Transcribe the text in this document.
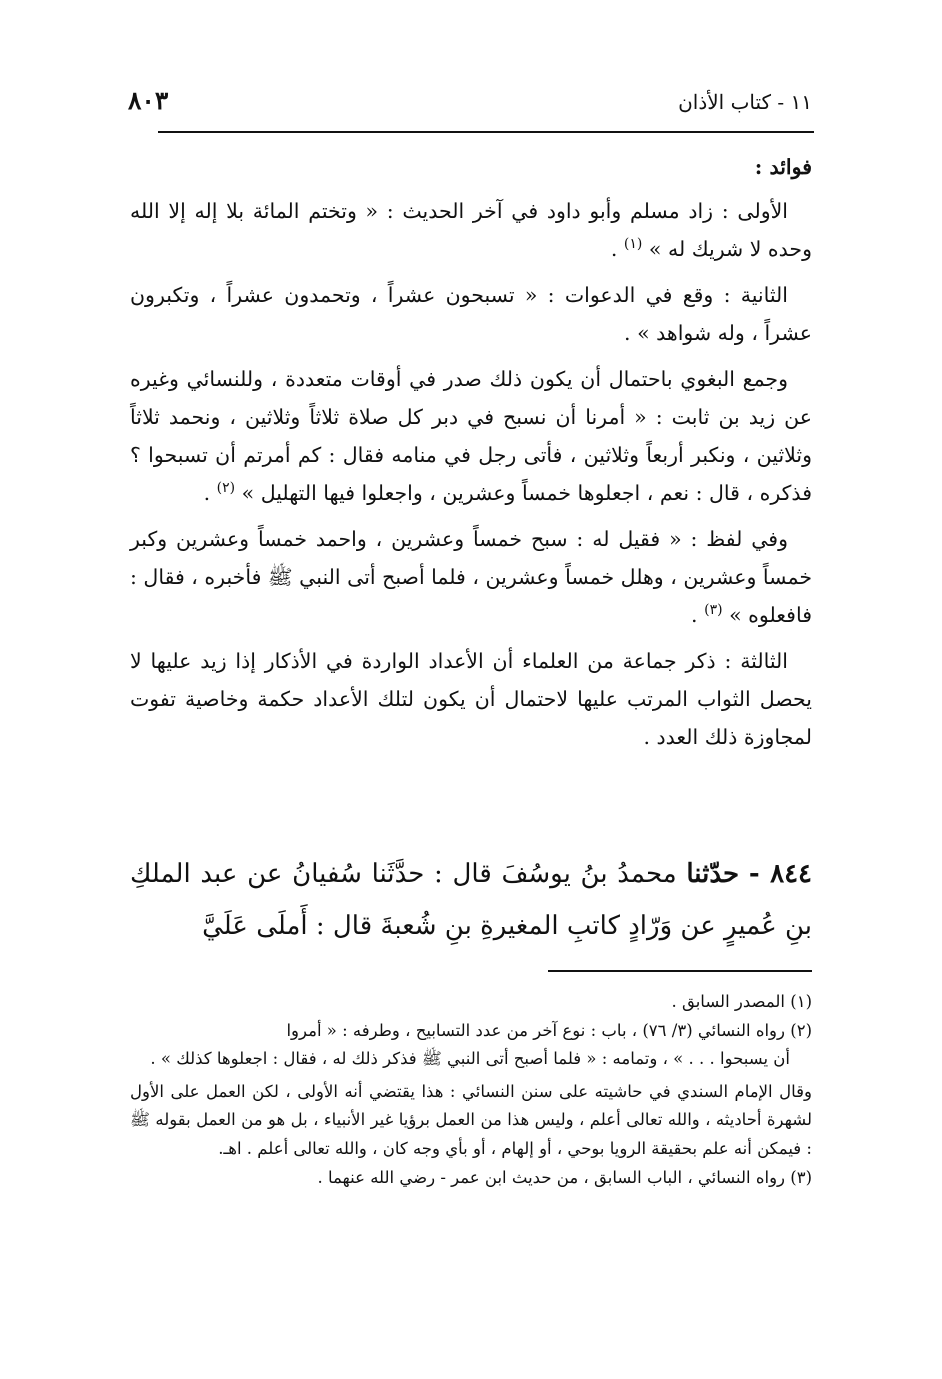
١١ - كتاب الأذان
٨٠٣

فوائد :

الأولى : زاد مسلم وأبو داود في آخر الحديث : « وتختم المائة بلا إله إلا الله وحده لا شريك له » $^{(١)}$ .

الثانية : وقع في الدعوات : « تسبحون عشراً ، وتحمدون عشراً ، وتكبرون عشراً ، وله شواهد » .

وجمع البغوي باحتمال أن يكون ذلك صدر في أوقات متعددة ، وللنسائي وغيره عن زيد بن ثابت : « أمرنا أن نسبح في دبر كل صلاة ثلاثاً وثلاثين ، ونحمد ثلاثاً وثلاثين ، ونكبر أربعاً وثلاثين ، فأتى رجل في منامه فقال : كم أمرتم أن تسبحوا ؟ فذكره ، قال : نعم ، اجعلوها خمساً وعشرين ، واجعلوا فيها التهليل » $^{(٢)}$ .

وفي لفظ : « فقيل له : سبح خمساً وعشرين ، واحمد خمساً وعشرين وكبر خمساً وعشرين ، وهلل خمساً وعشرين ، فلما أصبح أتى النبي ﷺ فأخبره ، فقال : فافعلوه » $^{(٣)}$ .

الثالثة : ذكر جماعة من العلماء أن الأعداد الواردة في الأذكار إذا زيد عليها لا يحصل الثواب المرتب عليها لاحتمال أن يكون لتلك الأعداد حكمة وخاصية تفوت لمجاوزة ذلك العدد .

٨٤٤ - حدّثنا محمدُ بنُ يوسُفَ قال : حدَّثَنا سُفيانُ عن عبد الملكِ بنِ عُميرٍ عن وَرّادٍ كاتبِ المغيرةِ بنِ شُعبةَ قال : أَملَى عَلَيَّ

(١) المصدر السابق .

(٢) رواه النسائي (٣/ ٧٦) ، باب : نوع آخر من عدد التسابيح ، وطرفه : « أمروا

أن يسبحوا . . . » ، وتمامه : « فلما أصبح أتى النبي ﷺ فذكر ذلك له ، فقال : اجعلوها كذلك » .

وقال الإمام السندي في حاشيته على سنن النسائي : هذا يقتضي أنه الأولى ، لكن العمل على الأول لشهرة أحاديثه ، والله تعالى أعلم ، وليس هذا من العمل برؤيا غير الأنبياء ، بل هو من العمل بقوله ﷺ : فيمكن أنه علم بحقيقة الرويا بوحي ، أو إلهام ، أو بأي وجه كان ، والله تعالى أعلم . اهـ.

(٣) رواه النسائي ، الباب السابق ، من حديث ابن عمر - رضي الله عنهما .
